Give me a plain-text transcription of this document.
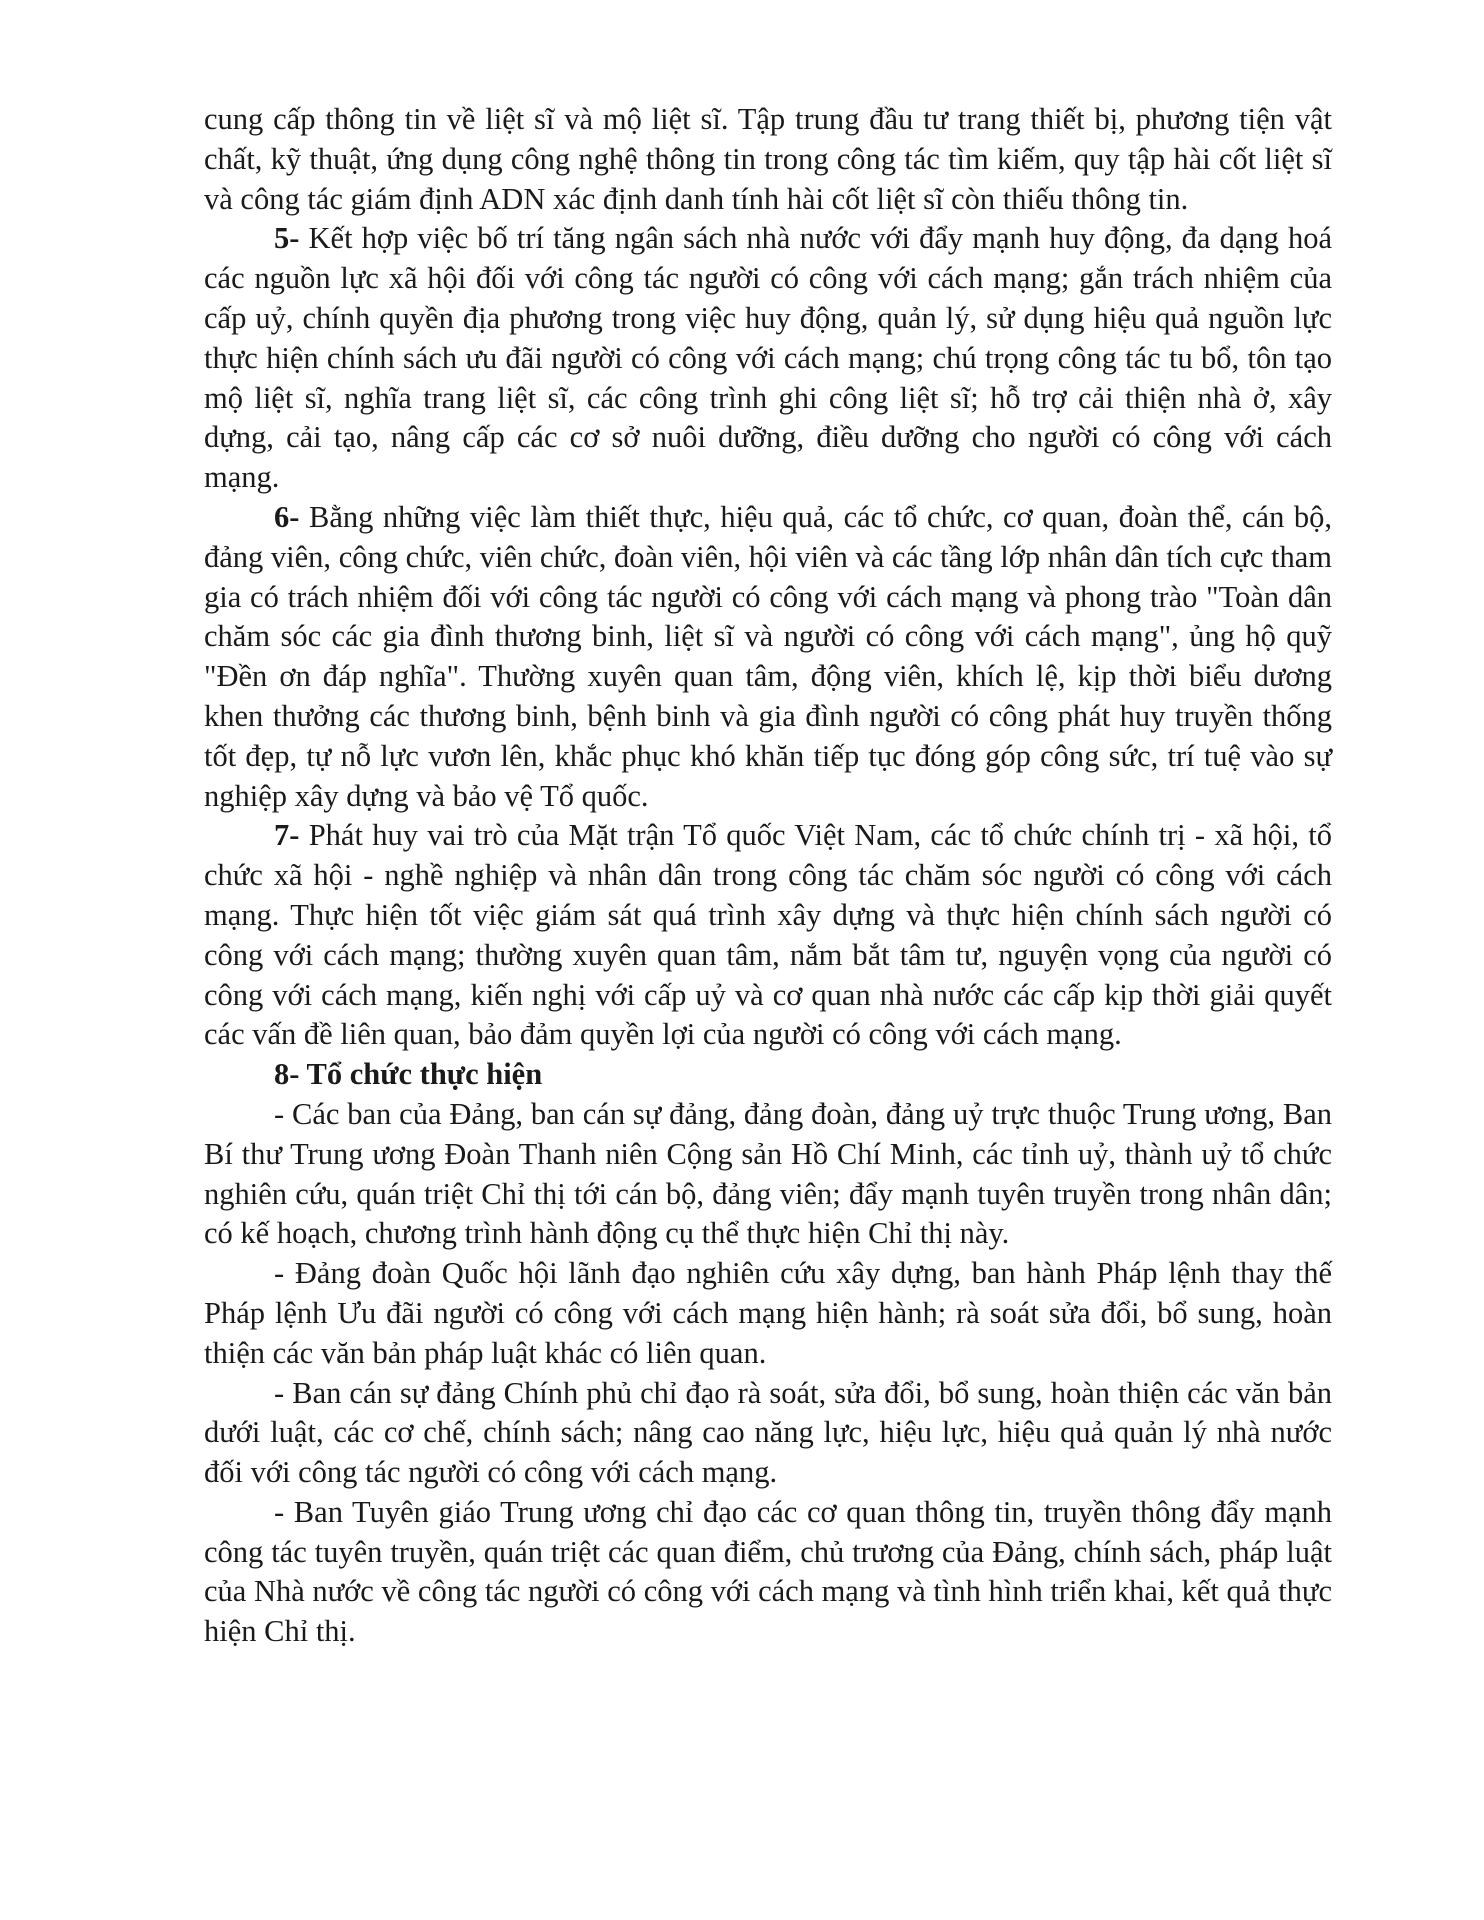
cung cấp thông tin về liệt sĩ và mộ liệt sĩ. Tập trung đầu tư trang thiết bị, phương tiện vật chất, kỹ thuật, ứng dụng công nghệ thông tin trong công tác tìm kiếm, quy tập hài cốt liệt sĩ và công tác giám định ADN xác định danh tính hài cốt liệt sĩ còn thiếu thông tin.

5- Kết hợp việc bố trí tăng ngân sách nhà nước với đẩy mạnh huy động, đa dạng hoá các nguồn lực xã hội đối với công tác người có công với cách mạng; gắn trách nhiệm của cấp uỷ, chính quyền địa phương trong việc huy động, quản lý, sử dụng hiệu quả nguồn lực thực hiện chính sách ưu đãi người có công với cách mạng; chú trọng công tác tu bổ, tôn tạo mộ liệt sĩ, nghĩa trang liệt sĩ, các công trình ghi công liệt sĩ; hỗ trợ cải thiện nhà ở, xây dựng, cải tạo, nâng cấp các cơ sở nuôi dưỡng, điều dưỡng cho người có công với cách mạng.

6- Bằng những việc làm thiết thực, hiệu quả, các tổ chức, cơ quan, đoàn thể, cán bộ, đảng viên, công chức, viên chức, đoàn viên, hội viên và các tầng lớp nhân dân tích cực tham gia có trách nhiệm đối với công tác người có công với cách mạng và phong trào "Toàn dân chăm sóc các gia đình thương binh, liệt sĩ và người có công với cách mạng", ủng hộ quỹ "Đền ơn đáp nghĩa". Thường xuyên quan tâm, động viên, khích lệ, kịp thời biểu dương khen thưởng các thương binh, bệnh binh và gia đình người có công phát huy truyền thống tốt đẹp, tự nỗ lực vươn lên, khắc phục khó khăn tiếp tục đóng góp công sức, trí tuệ vào sự nghiệp xây dựng và bảo vệ Tổ quốc.

7- Phát huy vai trò của Mặt trận Tổ quốc Việt Nam, các tổ chức chính trị - xã hội, tổ chức xã hội - nghề nghiệp và nhân dân trong công tác chăm sóc người có công với cách mạng. Thực hiện tốt việc giám sát quá trình xây dựng và thực hiện chính sách người có công với cách mạng; thường xuyên quan tâm, nắm bắt tâm tư, nguyện vọng của người có công với cách mạng, kiến nghị với cấp uỷ và cơ quan nhà nước các cấp kịp thời giải quyết các vấn đề liên quan, bảo đảm quyền lợi của người có công với cách mạng.

8- Tổ chức thực hiện

- Các ban của Đảng, ban cán sự đảng, đảng đoàn, đảng uỷ trực thuộc Trung ương, Ban Bí thư Trung ương Đoàn Thanh niên Cộng sản Hồ Chí Minh, các tỉnh uỷ, thành uỷ tổ chức nghiên cứu, quán triệt Chỉ thị tới cán bộ, đảng viên; đẩy mạnh tuyên truyền trong nhân dân; có kế hoạch, chương trình hành động cụ thể thực hiện Chỉ thị này.

- Đảng đoàn Quốc hội lãnh đạo nghiên cứu xây dựng, ban hành Pháp lệnh thay thế Pháp lệnh Ưu đãi người có công với cách mạng hiện hành; rà soát sửa đổi, bổ sung, hoàn thiện các văn bản pháp luật khác có liên quan.

- Ban cán sự đảng Chính phủ chỉ đạo rà soát, sửa đổi, bổ sung, hoàn thiện các văn bản dưới luật, các cơ chế, chính sách; nâng cao năng lực, hiệu lực, hiệu quả quản lý nhà nước đối với công tác người có công với cách mạng.

- Ban Tuyên giáo Trung ương chỉ đạo các cơ quan thông tin, truyền thông đẩy mạnh công tác tuyên truyền, quán triệt các quan điểm, chủ trương của Đảng, chính sách, pháp luật của Nhà nước về công tác người có công với cách mạng và tình hình triển khai, kết quả thực hiện Chỉ thị.
